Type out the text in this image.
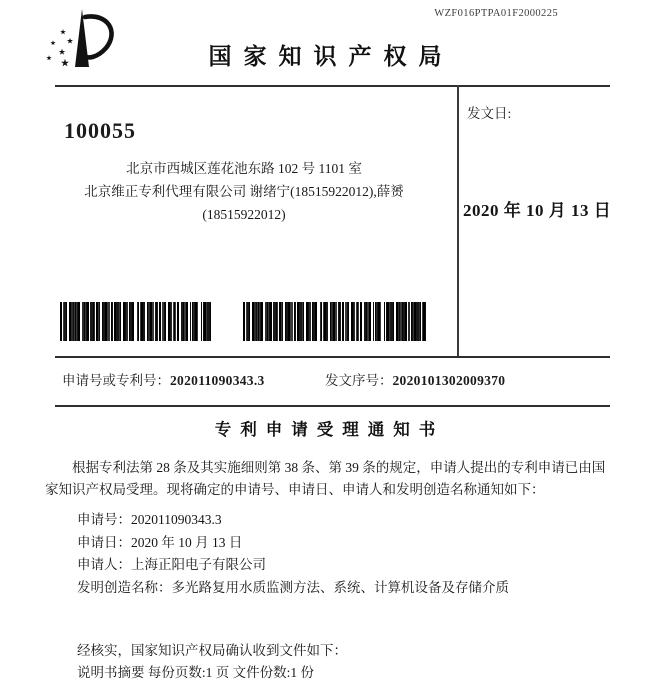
WZF016PTPA01F2000225
国家知识产权局
100055
北京市西城区莲花池东路 102 号 1101 室
北京维正专利代理有限公司 谢绪宁(18515922012),薛赟
(18515922012)
发文日:
2020 年 10 月 13 日
申请号或专利号：202011090343.3	发文序号：2020101302009370
专利申请受理通知书

根据专利法第 28 条及其实施细则第 38 条、第 39 条的规定，申请人提出的专利申请已由国家知识产权局受理。现将确定的申请号、申请日、申请人和发明创造名称通知如下：

申请号：202011090343.3
申请日：2020 年 10 月 13 日
申请人：上海正阳电子有限公司
发明创造名称：多光路复用水质监测方法、系统、计算机设备及存储介质

经核实，国家知识产权局确认收到文件如下：

说明书摘要 每份页数:1 页 文件份数:1 份
